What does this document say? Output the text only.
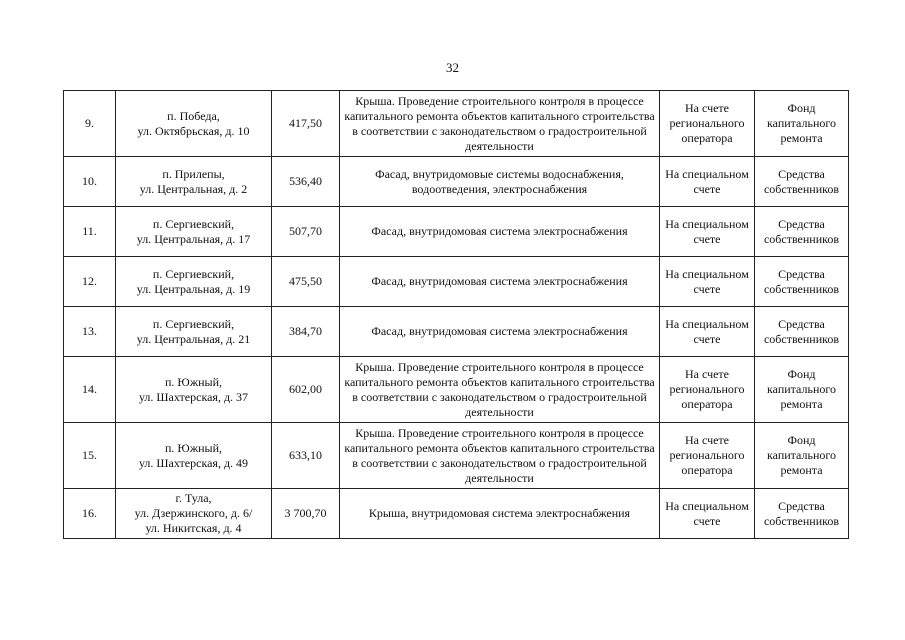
32
9.	п. Победа,
ул. Октябрьская, д. 10	417,50	Крыша. Проведение строительного контроля в процессе капитального ремонта объектов капитального строительства в соответствии с законодательством о градостроительной деятельности	На счете регионального оператора	Фонд капитального ремонта
10.	п. Прилепы,
ул. Центральная, д. 2	536,40	Фасад, внутридомовые системы водоснабжения, водоотведения, электроснабжения	На специальном счете	Средства собственников
11.	п. Сергиевский,
ул. Центральная, д. 17	507,70	Фасад, внутридомовая система электроснабжения	На специальном счете	Средства собственников
12.	п. Сергиевский,
ул. Центральная, д. 19	475,50	Фасад, внутридомовая система электроснабжения	На специальном счете	Средства собственников
13.	п. Сергиевский,
ул. Центральная, д. 21	384,70	Фасад, внутридомовая система электроснабжения	На специальном счете	Средства собственников
14.	п. Южный,
ул. Шахтерская, д. 37	602,00	Крыша. Проведение строительного контроля в процессе капитального ремонта объектов капитального строительства в соответствии с законодательством о градостроительной деятельности	На счете регионального оператора	Фонд капитального ремонта
15.	п. Южный,
ул. Шахтерская, д. 49	633,10	Крыша. Проведение строительного контроля в процессе капитального ремонта объектов капитального строительства в соответствии с законодательством о градостроительной деятельности	На счете регионального оператора	Фонд капитального ремонта
16.	г. Тула,
ул. Дзержинского, д. 6/
ул. Никитская, д. 4	3 700,70	Крыша, внутридомовая система электроснабжения	На специальном счете	Средства собственников
